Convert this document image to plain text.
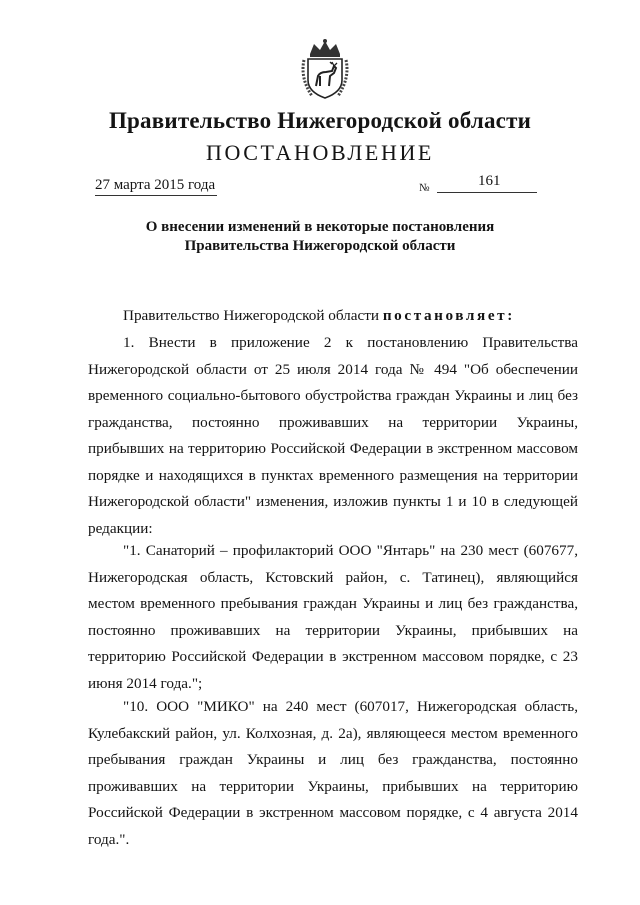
Правительство Нижегородской области
ПОСТАНОВЛЕНИЕ
27 марта 2015 года	№	161
О внесении изменений в некоторые постановления
Правительства Нижегородской области
Правительство Нижегородской области постановляет:

1. Внести в приложение 2 к постановлению Правительства Нижегородской области от 25 июля 2014 года № 494 "Об обеспечении временного социально-бытового обустройства граждан Украины и лиц без гражданства, постоянно проживавших на территории Украины, прибывших на территорию Российской Федерации в экстренном массовом порядке и находящихся в пунктах временного размещения на территории Нижегородской области" изменения, изложив пункты 1 и 10 в следующей редакции:

"1. Санаторий – профилакторий ООО "Янтарь" на 230 мест (607677, Нижегородская область, Кстовский район, с. Татинец), являющийся местом временного пребывания граждан Украины и лиц без гражданства, постоянно проживавших на территории Украины, прибывших на территорию Российской Федерации в экстренном массовом порядке, с 23 июня 2014 года.";

"10. ООО "МИКО" на 240 мест (607017, Нижегородская область, Кулебакский район, ул. Колхозная, д. 2а), являющееся местом временного пребывания граждан Украины и лиц без гражданства, постоянно проживавших на территории Украины, прибывших на территорию Российской Федерации в экстренном массовом порядке, с 4 августа 2014 года.".
